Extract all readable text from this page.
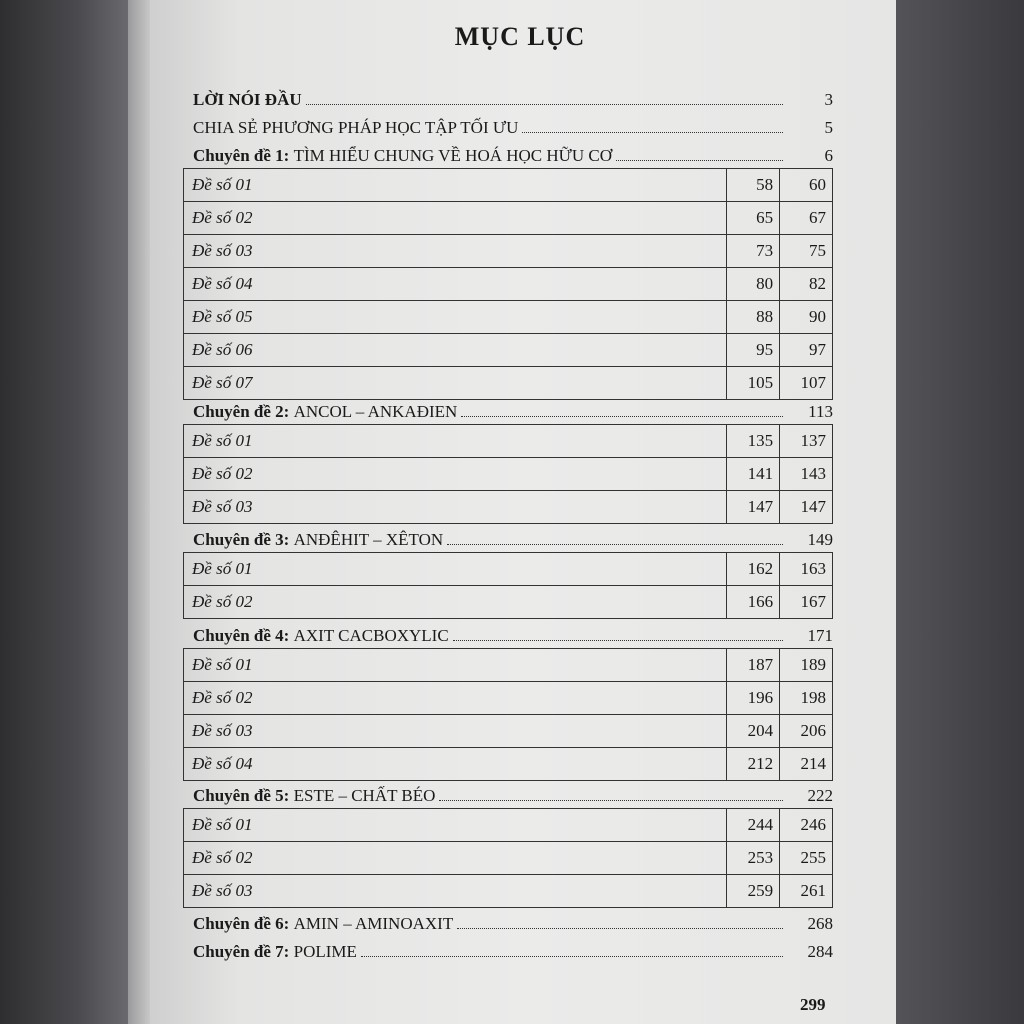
MỤC LỤC
LỜI NÓI ĐẦU	3
CHIA SẺ PHƯƠNG PHÁP HỌC TẬP TỐI ƯU	5
Chuyên đề 1: TÌM HIỂU CHUNG VỀ HOÁ HỌC HỮU CƠ	6
Đề số 01	58	60
Đề số 02	65	67
Đề số 03	73	75
Đề số 04	80	82
Đề số 05	88	90
Đề số 06	95	97
Đề số 07	105	107
Chuyên đề 2: ANCOL – ANKAĐIEN	113
Đề số 01	135	137
Đề số 02	141	143
Đề số 03	147	147
Chuyên đề 3: ANĐÊHIT – XÊTON	149
Đề số 01	162	163
Đề số 02	166	167
Chuyên đề 4: AXIT CACBOXYLIC	171
Đề số 01	187	189
Đề số 02	196	198
Đề số 03	204	206
Đề số 04	212	214
Chuyên đề 5: ESTE – CHẤT BÉO	222
Đề số 01	244	246
Đề số 02	253	255
Đề số 03	259	261
Chuyên đề 6: AMIN – AMINOAXIT	268
Chuyên đề 7: POLIME	284
299
